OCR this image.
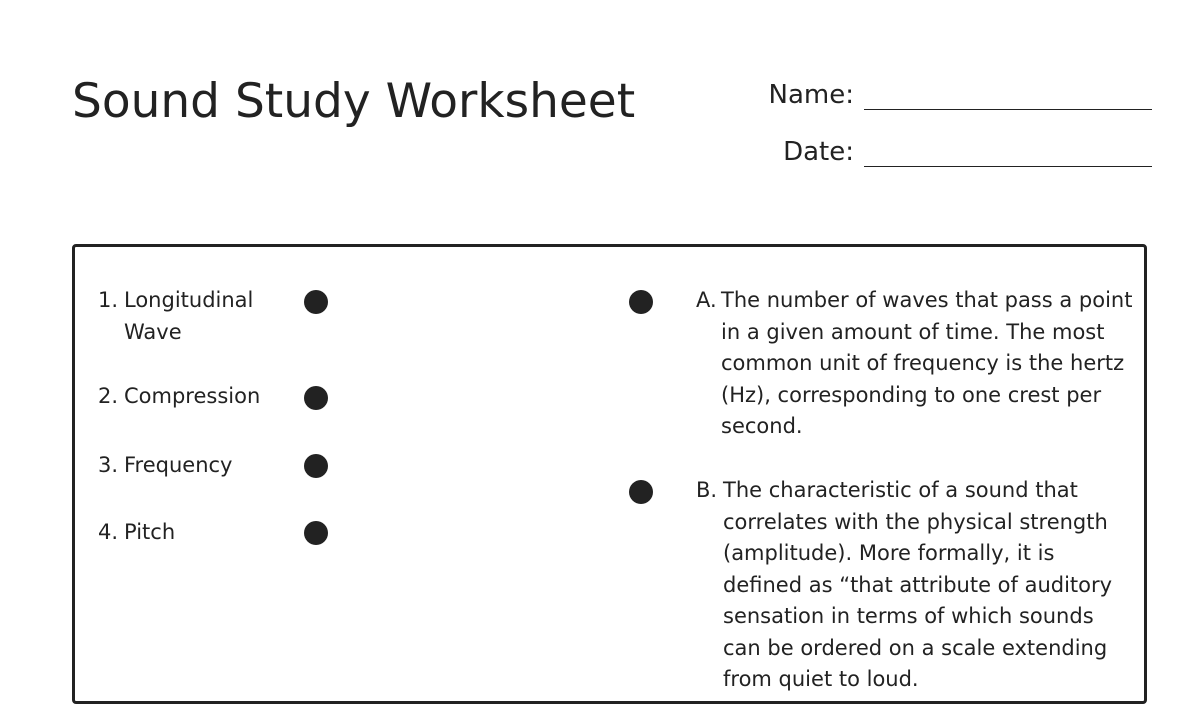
Sound Study Worksheet	Name:
Date:
1. Longitudinal Wave
2. Compression
3. Frequency
4. Pitch
A. The number of waves that pass a point in a given amount of time. The most common unit of frequency is the hertz (Hz), corresponding to one crest per second.
B. The characteristic of a sound that correlates with the physical strength (amplitude). More formally, it is defined as “that attribute of auditory sensation in terms of which sounds can be ordered on a scale extending from quiet to loud.
